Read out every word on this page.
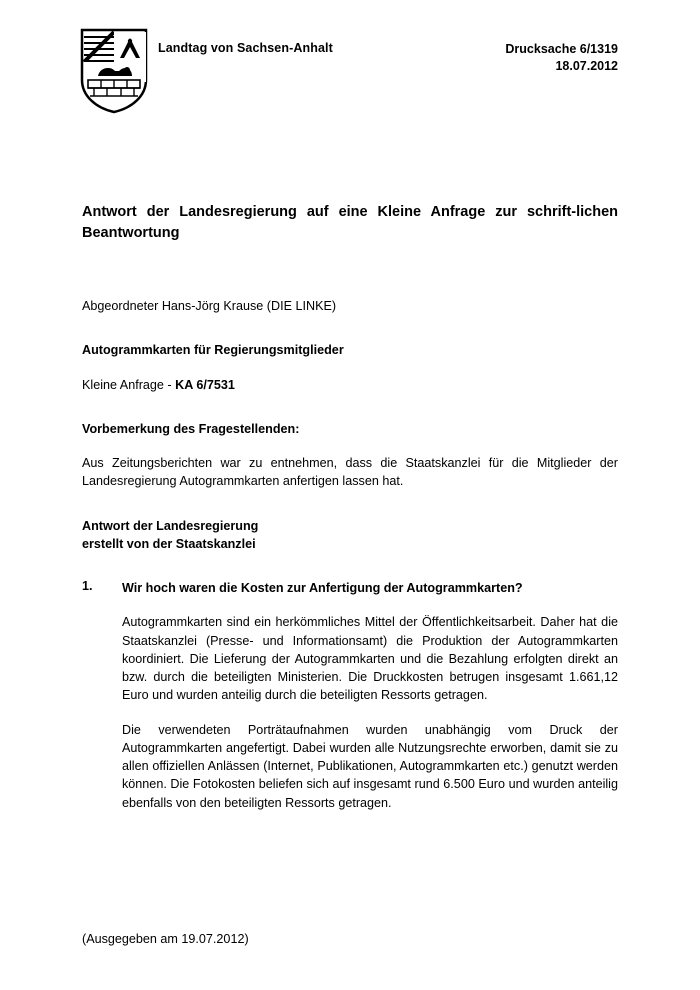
Landtag von Sachsen-Anhalt	Drucksache 6/1319
18.07.2012
Antwort der Landesregierung auf eine Kleine Anfrage zur schrift-lichen Beantwortung

Abgeordneter Hans-Jörg Krause (DIE LINKE)

Autogrammkarten für Regierungsmitglieder

Kleine Anfrage - KA 6/7531

Vorbemerkung des Fragestellenden:

Aus Zeitungsberichten war zu entnehmen, dass die Staatskanzlei für die Mitglieder der Landesregierung Autogrammkarten anfertigen lassen hat.

Antwort der Landesregierung

erstellt von der Staatskanzlei

1.	Wir hoch waren die Kosten zur Anfertigung der Autogrammkarten?

Autogrammkarten sind ein herkömmliches Mittel der Öffentlichkeitsarbeit. Daher hat die Staatskanzlei (Presse- und Informationsamt) die Produktion der Autogrammkarten koordiniert. Die Lieferung der Autogrammkarten und die Bezahlung erfolgten direkt an bzw. durch die beteiligten Ministerien. Die Druckkosten betrugen insgesamt 1.661,12 Euro und wurden anteilig durch die beteiligten Ressorts getragen.

Die verwendeten Porträtaufnahmen wurden unabhängig vom Druck der Autogrammkarten angefertigt. Dabei wurden alle Nutzungsrechte erworben, damit sie zu allen offiziellen Anlässen (Internet, Publikationen, Autogrammkarten etc.) genutzt werden können. Die Fotokosten beliefen sich auf insgesamt rund 6.500 Euro und wurden anteilig ebenfalls von den beteiligten Ressorts getragen.

(Ausgegeben am 19.07.2012)
